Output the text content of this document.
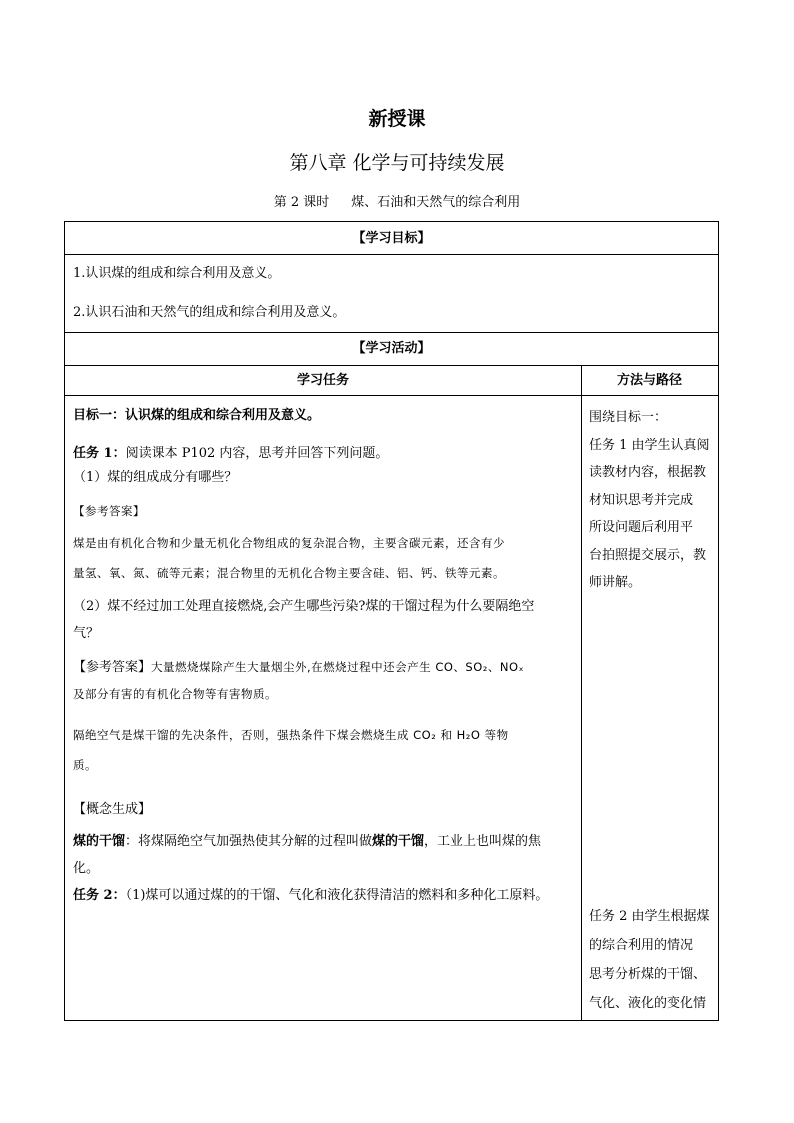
新授课
第八章 化学与可持续发展
第 2 课时 煤、石油和天然气的综合利用
【学习目标】
1.认识煤的组成和综合利用及意义。
2.认识石油和天然气的组成和综合利用及意义。
【学习活动】
学习任务	方法与路径

目标一：认识煤的组成和综合利用及意义。

任务 1：阅读课本 P102 内容，思考并回答下列问题。

（1）煤的组成成分有哪些？

【参考答案】

煤是由有机化合物和少量无机化合物组成的复杂混合物，主要含碳元素，还含有少

量氢、氧、氮、硫等元素；混合物里的无机化合物主要含硅、铝、钙、铁等元素。

（2）煤不经过加工处理直接燃烧,会产生哪些污染?煤的干馏过程为什么要隔绝空

气？

【参考答案】大量燃烧煤除产生大量烟尘外,在燃烧过程中还会产生 CO、SO₂、NOₓ

及部分有害的有机化合物等有害物质。

隔绝空气是煤干馏的先决条件，否则，强热条件下煤会燃烧生成 CO₂ 和 H₂O 等物

质。

【概念生成】

煤的干馏：将煤隔绝空气加强热使其分解的过程叫做煤的干馏，工业上也叫煤的焦

化。

任务 2：（1)煤可以通过煤的的干馏、气化和液化获得清洁的燃料和多种化工原料。

围绕目标一：
任务 1 由学生认真阅
读教材内容，根据教
材知识思考并完成
所设问题后利用平
台拍照提交展示，教
师讲解。
任务 2 由学生根据煤
的综合利用的情况
思考分析煤的干馏、
气化、液化的变化情
